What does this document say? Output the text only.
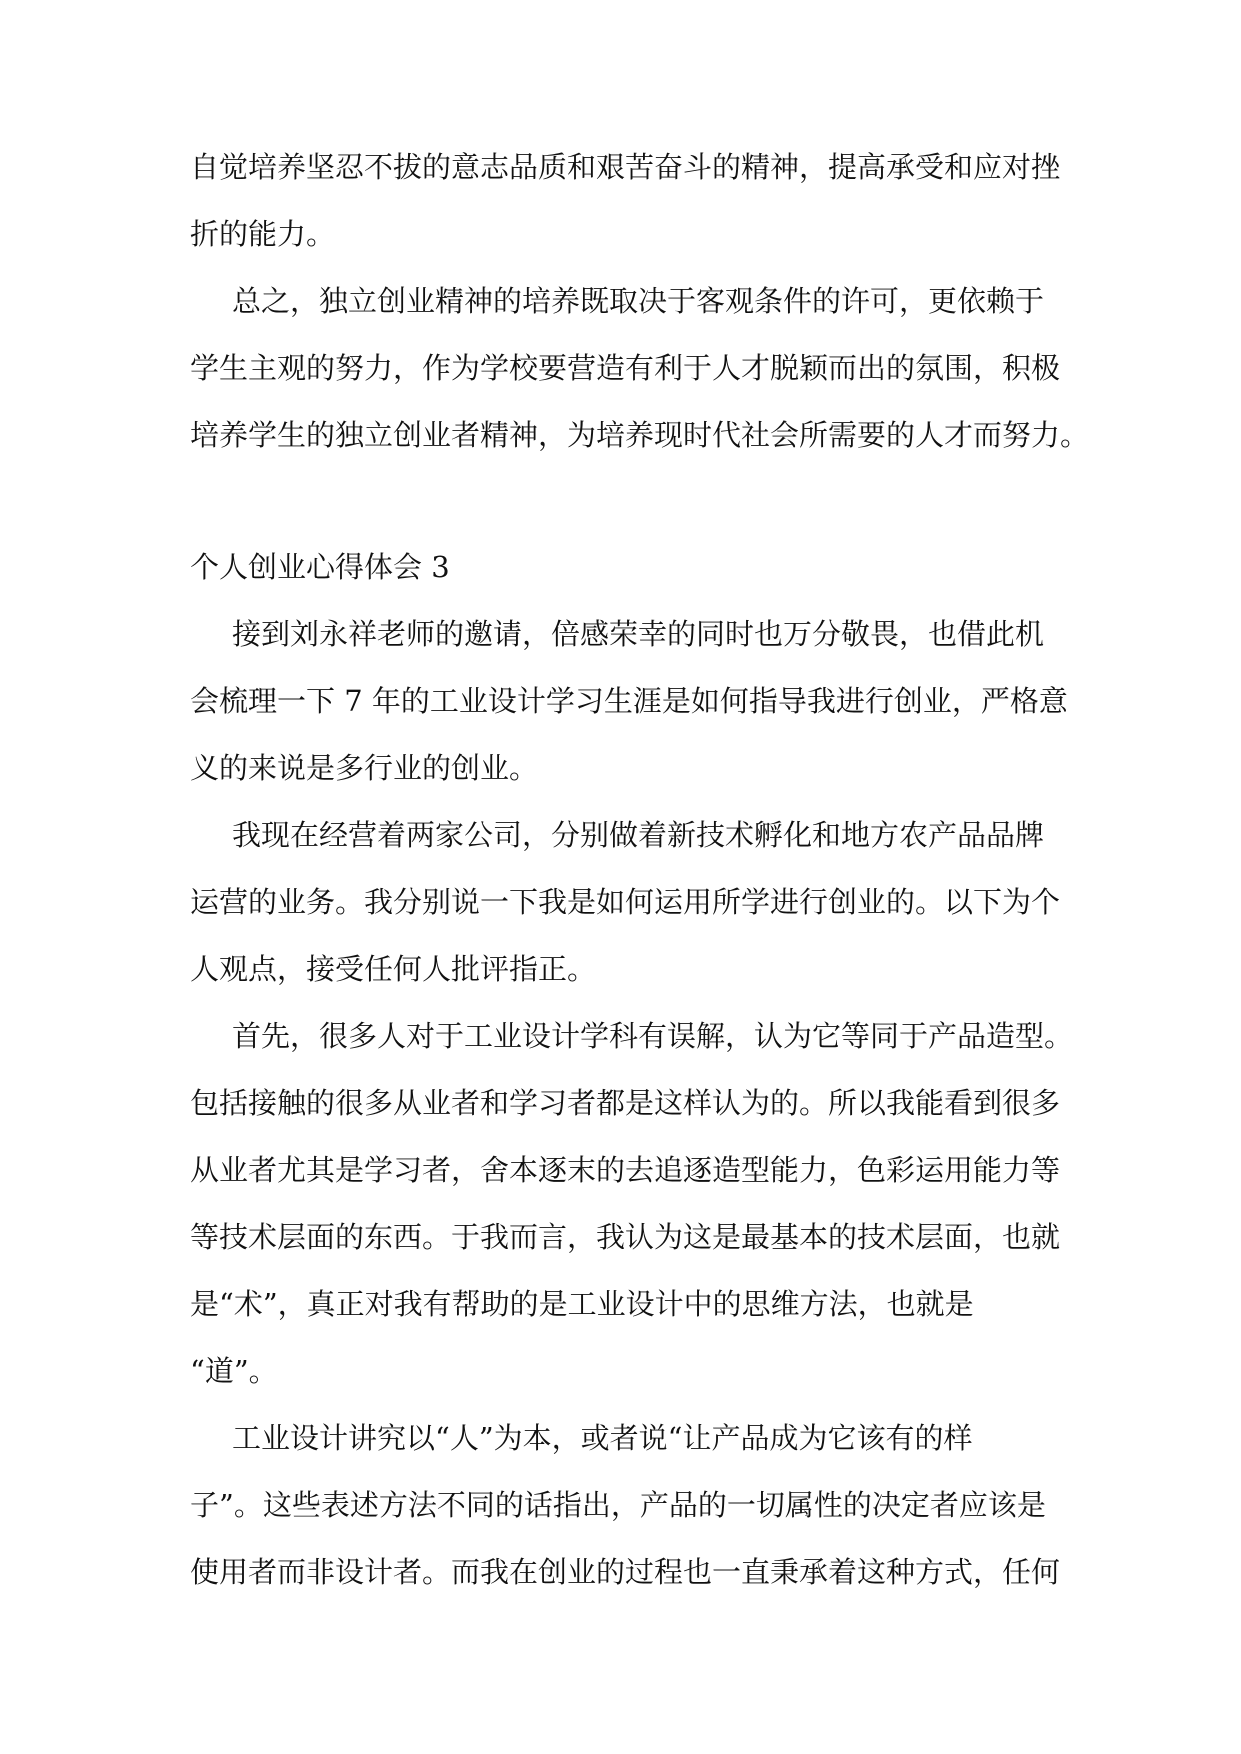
自觉培养坚忍不拔的意志品质和艰苦奋斗的精神，提高承受和应对挫
折的能力。
总之，独立创业精神的培养既取决于客观条件的许可，更依赖于
学生主观的努力，作为学校要营造有利于人才脱颖而出的氛围，积极
培养学生的独立创业者精神，为培养现时代社会所需要的人才而努力。
个人创业心得体会 3
接到刘永祥老师的邀请，倍感荣幸的同时也万分敬畏，也借此机
会梳理一下 7 年的工业设计学习生涯是如何指导我进行创业，严格意
义的来说是多行业的创业。
我现在经营着两家公司，分别做着新技术孵化和地方农产品品牌
运营的业务。我分别说一下我是如何运用所学进行创业的。以下为个
人观点，接受任何人批评指正。
首先，很多人对于工业设计学科有误解，认为它等同于产品造型。
包括接触的很多从业者和学习者都是这样认为的。所以我能看到很多
从业者尤其是学习者，舍本逐末的去追逐造型能力，色彩运用能力等
等技术层面的东西。于我而言，我认为这是最基本的技术层面，也就
是“术”，真正对我有帮助的是工业设计中的思维方法，也就是
“道”。
工业设计讲究以“人”为本，或者说“让产品成为它该有的样
子”。这些表述方法不同的话指出，产品的一切属性的决定者应该是
使用者而非设计者。而我在创业的过程也一直秉承着这种方式，任何
